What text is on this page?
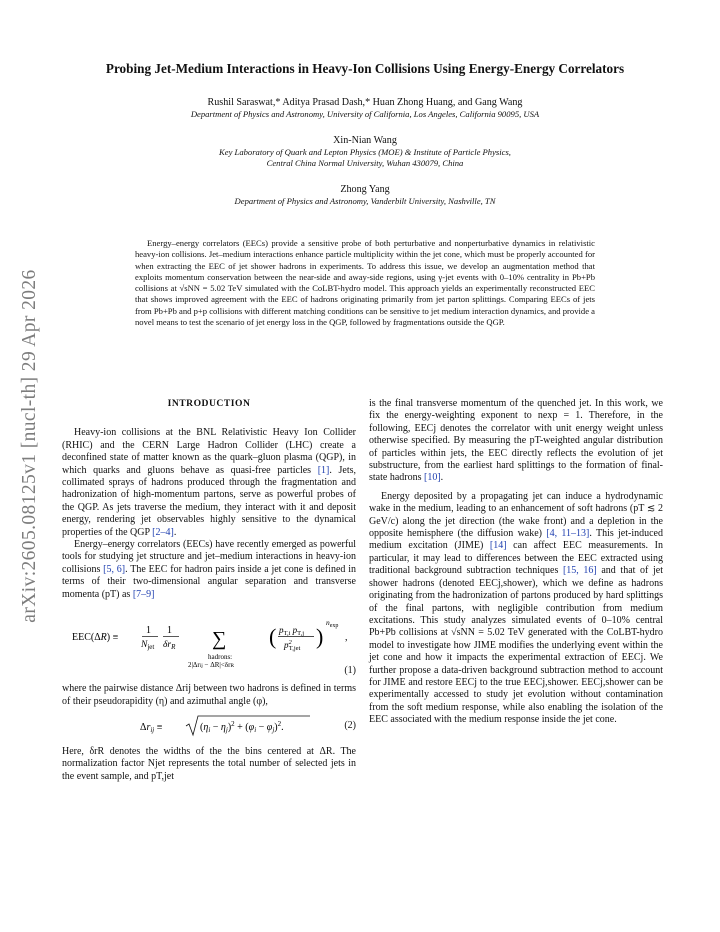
arXiv:2605.08125v1 [nucl-th] 29 Apr 2026
Probing Jet-Medium Interactions in Heavy-Ion Collisions Using Energy-Energy Correlators
Rushil Saraswat,* Aditya Prasad Dash,* Huan Zhong Huang, and Gang Wang
Department of Physics and Astronomy, University of California, Los Angeles, California 90095, USA
Xin-Nian Wang
Key Laboratory of Quark and Lepton Physics (MOE) & Institute of Particle Physics,
Central China Normal University, Wuhan 430079, China
Zhong Yang
Department of Physics and Astronomy, Vanderbilt University, Nashville, TN
Energy–energy correlators (EECs) provide a sensitive probe of both perturbative and nonperturbative dynamics in relativistic heavy-ion collisions. Jet–medium interactions enhance particle multiplicity within the jet cone, which must be properly accounted for when extracting the EEC of jet shower hadrons in experiments. To address this issue, we develop an augmentation method that exploits momentum conservation between the near-side and away-side regions, using γ-jet events with 0–10% centrality in Pb+Pb collisions at √sNN = 5.02 TeV simulated with the CoLBT-hydro model. This approach yields an experimentally reconstructed EEC that shows improved agreement with the EEC of hadrons originating primarily from jet parton splittings. Comparing EECs of jets from Pb+Pb and p+p collisions with different matching conditions can be sensitive to jet medium interaction dynamics, and provide a novel means to test the scenario of jet energy loss in the QGP, followed by fragmentations outside the QGP.
INTRODUCTION

Heavy-ion collisions at the BNL Relativistic Heavy Ion Collider (RHIC) and the CERN Large Hadron Collider (LHC) create a deconfined state of matter known as the quark–gluon plasma (QGP), in which quarks and gluons behave as quasi-free particles [1]. Jets, collimated sprays of hadrons produced through the fragmentation and hadronization of high-momentum partons, serve as powerful probes of the QGP. As jets traverse the medium, they interact with it and deposit energy, rendering jet observables highly sensitive to the dynamical properties of the QGP [2–4].

Energy–energy correlators (EECs) have recently emerged as powerful tools for studying jet structure and jet–medium interactions in heavy-ion collisions [5, 6]. The EEC for hadron pairs inside a jet cone is defined in terms of their two-dimensional angular separation and transverse momenta (pT) as [7–9]

EEC(ΔR) ≡
1
$N_{jet}$
1
$\delta r_R$ ∑
hadrons:
2|Δrij − ΔR|<δrR
( $p_{T,i}$ $p_{T,j}$
$p^2$ T,jet )
$n_{exp}$
,
(1)

where the pairwise distance Δrij between two hadrons is defined in terms of their pseudorapidity (η) and azimuthal angle (φ),

$\Delta r_{ij}$ ≡	$(\eta_i - \eta_j)^2 + (\varphi_i - \varphi_j)^2$.	(2)

Here, δrR denotes the widths of the the bins centered at ΔR. The normalization factor Njet represents the total number of selected jets in the event sample, and pT,jet

is the final transverse momentum of the quenched jet. In this work, we fix the energy-weighting exponent to nexp = 1. Therefore, in the following, EECj denotes the correlator with unit energy weight unless otherwise specified. By measuring the pT-weighted angular distribution of particles within jets, the EEC directly reflects the evolution of jet substructure, from the earliest hard splittings to the formation of final-state hadrons [10].

Energy deposited by a propagating jet can induce a hydrodynamic wake in the medium, leading to an enhancement of soft hadrons (pT ≲ 2 GeV/c) along the jet direction (the wake front) and a depletion in the opposite hemisphere (the diffusion wake) [4, 11–13]. This jet-induced medium excitation (JIME) [14] can affect EEC measurements. In particular, it may lead to differences between the EEC extracted using traditional background subtraction techniques [15, 16] and that of jet shower hadrons (denoted EECj,shower), which we define as hadrons originating from the hadronization of partons produced by hard splittings of the final partons, with negligible contribution from medium excitations. This study analyzes simulated events of 0–10% central Pb+Pb collisions at √sNN = 5.02 TeV generated with the CoLBT-hydro model to investigate how JIME modifies the underlying event within the jet cone and how it impacts the experimental extraction of EECj. We further propose a data-driven background subtraction method to account for JIME and restore EECj to the true EECj,shower. EECj,shower can be experimentally accessed to study jet evolution without contamination from the soft medium response, while also enabling the isolation of the EEC associated with the medium response inside the jet cone.
